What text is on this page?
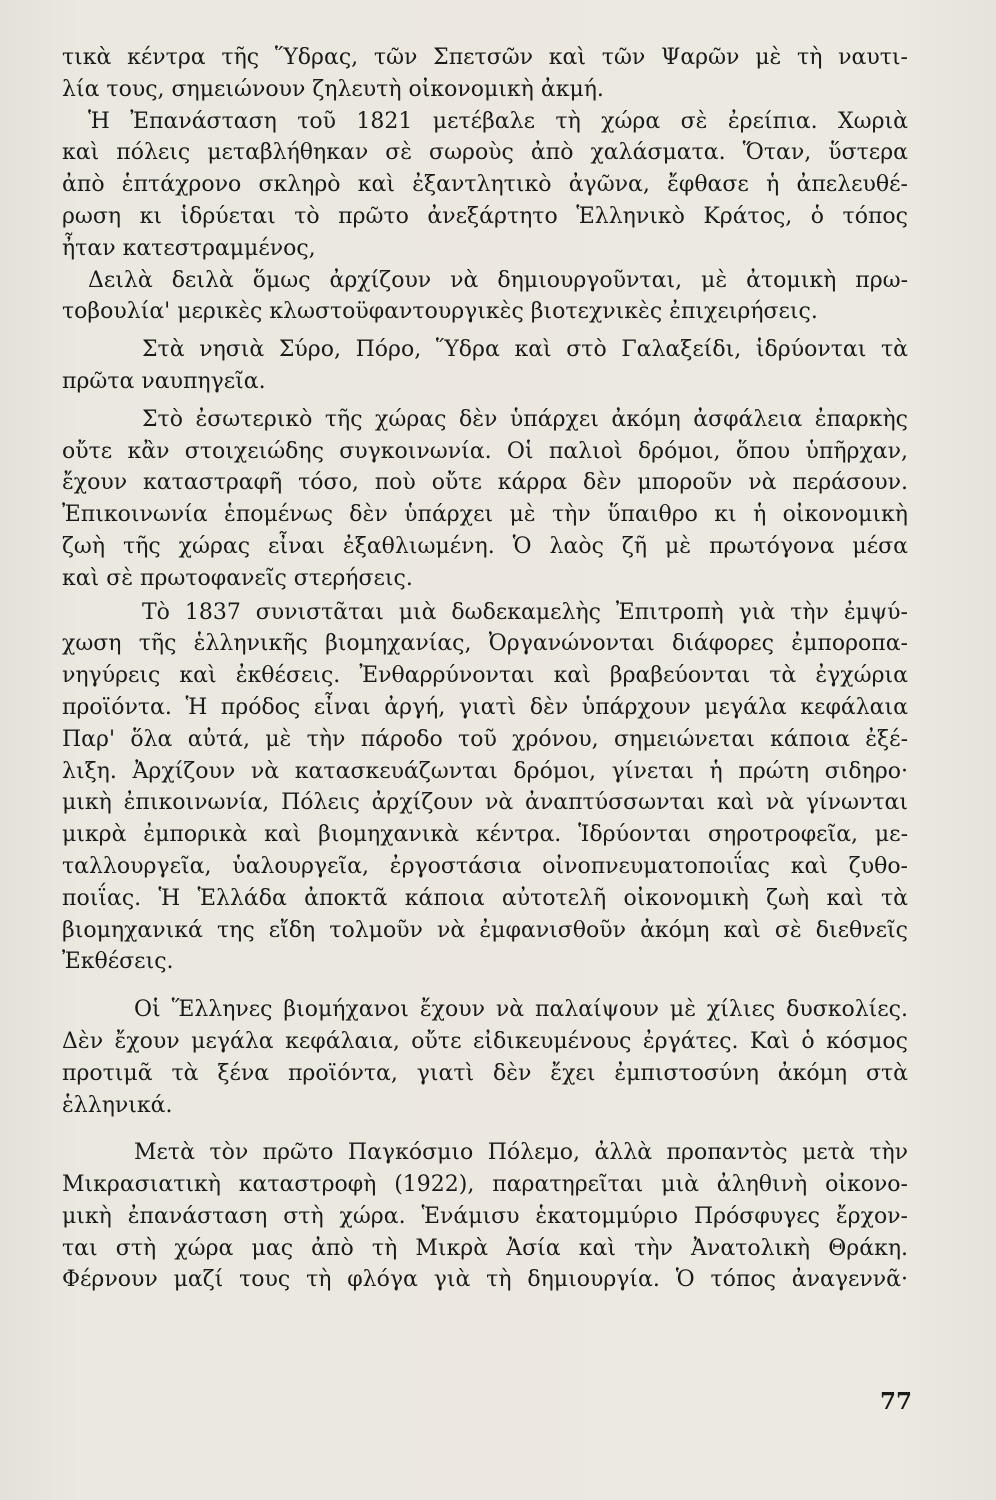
τικὰ κέντρα τῆς Ὕδρας, τῶν Σπετσῶν καὶ τῶν Ψαρῶν μὲ τὴ ναυτι-
λία τους, σημειώνουν ζηλευτὴ οἰκονομικὴ ἀκμή.
Ἡ Ἐπανάσταση τοῦ 1821 μετέβαλε τὴ χώρα σὲ ἐρείπια. Χωριὰ
καὶ πόλεις μεταβλήθηκαν σὲ σωροὺς ἀπὸ χαλάσματα. Ὅταν, ὕστερα
ἀπὸ ἑπτάχρονο σκληρὸ καὶ ἐξαντλητικὸ ἀγῶνα, ἔφθασε ἡ ἀπελευθέ-
ρωση κι ἱδρύεται τὸ πρῶτο ἀνεξάρτητο Ἑλληνικὸ Κράτος, ὁ τόπος
ἦταν κατεστραμμένος,
Δειλὰ δειλὰ ὅμως ἀρχίζουν νὰ δημιουργοῦνται, μὲ ἀτομικὴ πρω-
τοβουλία' μερικὲς κλωστοϋφαντουργικὲς βιοτεχνικὲς ἐπιχειρήσεις.
Στὰ νησιὰ Σύρο, Πόρο, Ὕδρα καὶ στὸ Γαλαξείδι, ἱδρύονται τὰ
πρῶτα ναυπηγεῖα.
Στὸ ἐσωτερικὸ τῆς χώρας δὲν ὑπάρχει ἀκόμη ἀσφάλεια ἐπαρκὴς
οὔτε κἂν στοιχειώδης συγκοινωνία. Οἱ παλιοὶ δρόμοι, ὅπου ὑπῆρχαν,
ἔχουν καταστραφῆ τόσο, ποὺ οὔτε κάρρα δὲν μποροῦν νὰ περάσουν.
Ἐπικοινωνία ἑπομένως δὲν ὑπάρχει μὲ τὴν ὕπαιθρο κι ἡ οἰκονομικὴ
ζωὴ τῆς χώρας εἶναι ἐξαθλιωμένη. Ὁ λαὸς ζῆ μὲ πρωτόγονα μέσα
καὶ σὲ πρωτοφανεῖς στερήσεις.
Τὸ 1837 συνιστᾶται μιὰ δωδεκαμελὴς Ἐπιτροπὴ γιὰ τὴν ἐμψύ-
χωση τῆς ἑλληνικῆς βιομηχανίας, Ὀργανώνονται διάφορες ἐμποροπα-
νηγύρεις καὶ ἐκθέσεις. Ἐνθαρρύνονται καὶ βραβεύονται τὰ ἐγχώρια
προϊόντα. Ἡ πρόδος εἶναι ἀργή, γιατὶ δὲν ὑπάρχουν μεγάλα κεφάλαια
Παρ' ὅλα αὐτά, μὲ τὴν πάροδο τοῦ χρόνου, σημειώνεται κάποια ἐξέ-
λιξη. Ἀρχίζουν νὰ κατασκευάζωνται δρόμοι, γίνεται ἡ πρώτη σιδηρο·
μικὴ ἐπικοινωνία, Πόλεις ἀρχίζουν νὰ ἀναπτύσσωνται καὶ νὰ γίνωνται
μικρὰ ἐμπορικὰ καὶ βιομηχανικὰ κέντρα. Ἱδρύονται σηροτροφεῖα, με-
ταλλουργεῖα, ὑαλουργεῖα, ἐργοστάσια οἰνοπνευματοποιΐας καὶ ζυθο-
ποιΐας. Ἡ Ἑλλάδα ἀποκτᾶ κάποια αὐτοτελῆ οἰκονομικὴ ζωὴ καὶ τὰ
βιομηχανικά της εἴδη τολμοῦν νὰ ἐμφανισθοῦν ἀκόμη καὶ σὲ διεθνεῖς
Ἐκθέσεις.
Οἱ Ἕλληνες βιομήχανοι ἔχουν νὰ παλαίψουν μὲ χίλιες δυσκολίες.
Δὲν ἔχουν μεγάλα κεφάλαια, οὔτε εἰδικευμένους ἐργάτες. Καὶ ὁ κόσμος
προτιμᾶ τὰ ξένα προϊόντα, γιατὶ δὲν ἔχει ἐμπιστοσύνη ἀκόμη στὰ
ἑλληνικά.
Μετὰ τὸν πρῶτο Παγκόσμιο Πόλεμο, ἀλλὰ προπαντὸς μετὰ τὴν
Μικρασιατικὴ καταστροφὴ (1922), παρατηρεῖται μιὰ ἀληθινὴ οἰκονο-
μικὴ ἐπανάσταση στὴ χώρα. Ἑνάμισυ ἑκατομμύριο Πρόσφυγες ἔρχον-
ται στὴ χώρα μας ἀπὸ τὴ Μικρὰ Ἀσία καὶ τὴν Ἀνατολικὴ Θράκη.
Φέρνουν μαζί τους τὴ φλόγα γιὰ τὴ δημιουργία. Ὁ τόπος ἀναγεννᾶ·
77
